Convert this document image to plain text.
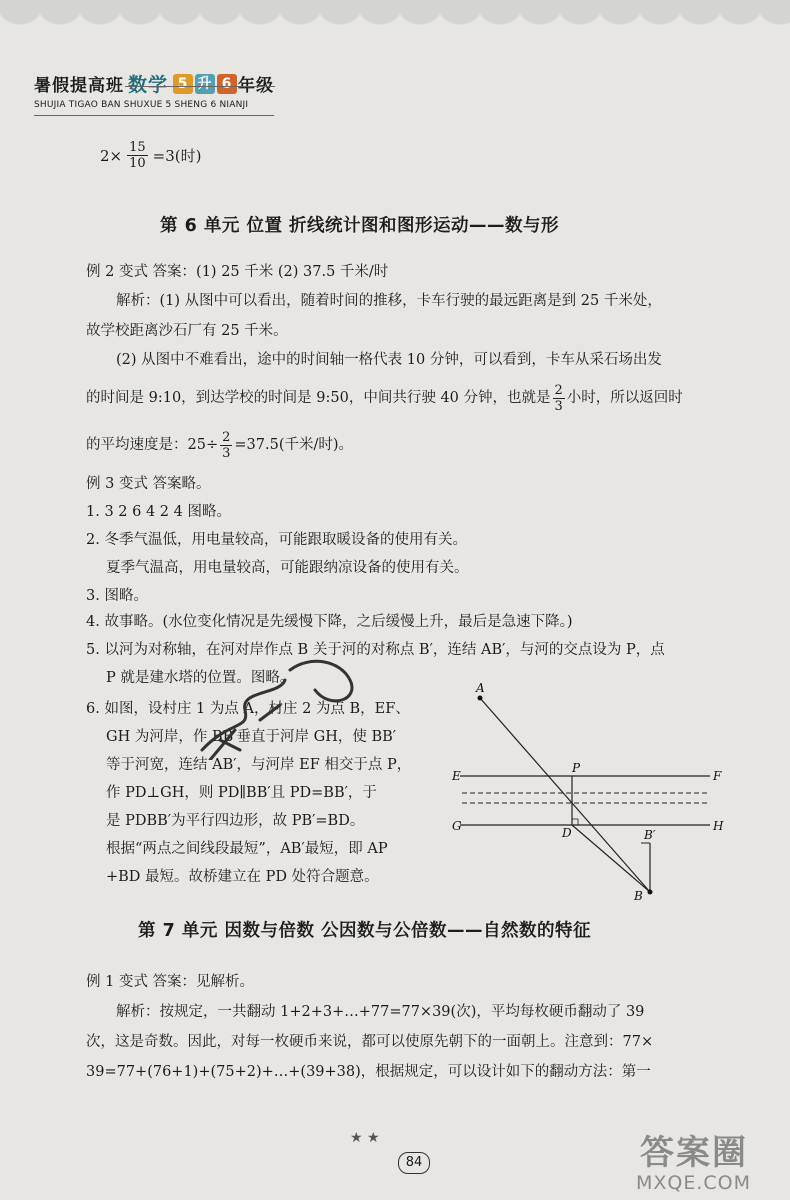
暑假提高班 数学 5 升 6 年级
SHUJIA TIGAO BAN SHUXUE 5 SHENG 6 NIANJI
$2\times \frac{15}{10} =3$(时)
第 6 单元 位置 折线统计图和图形运动——数与形
例 2 变式 答案：(1) 25 千米 (2) 37.5 千米/时
解析：(1) 从图中可以看出，随着时间的推移，卡车行驶的最远距离是到 25 千米处，
故学校距离沙石厂有 25 千米。
(2) 从图中不难看出，途中的时间轴一格代表 10 分钟，可以看到，卡车从采石场出发
的时间是 9:10，到达学校的时间是 9:50，中间共行驶 40 分钟，也就是 $\frac{2}{3}$ 小时，所以返回时
的平均速度是：$25\div \frac{2}{3} =37.5$(千米/时)。
例 3 变式 答案略。
1. 3 2 6 4 2 4 图略。
2. 冬季气温低，用电量较高，可能跟取暖设备的使用有关。
夏季气温高，用电量较高，可能跟纳凉设备的使用有关。
3. 图略。
4. 故事略。(水位变化情况是先缓慢下降，之后缓慢上升，最后是急速下降。)
5. 以河为对称轴，在河对岸作点 B 关于河的对称点 B′，连结 AB′，与河的交点设为 P，点
P 就是建水塔的位置。图略。
6. 如图，设村庄 1 为点 A，村庄 2 为点 B，EF、
GH 为河岸，作 BB′垂直于河岸 GH，使 BB′
等于河宽，连结 AB′，与河岸 EF 相交于点 P，
作 PD⊥GH，则 PD∥BB′且 PD=BB′，于
是 PDBB′为平行四边形，故 PB′=BD。
根据“两点之间线段最短”，AB′最短，即 AP
+BD 最短。故桥建立在 PD 处符合题意。
A
E
P
F
G	D	B′
H
B
第 7 单元 因数与倍数 公因数与公倍数——自然数的特征
例 1 变式 答案：见解析。
解析：按规定，一共翻动 1+2+3+…+77=77×39(次)，平均每枚硬币翻动了 39
次，这是奇数。因此，对每一枚硬币来说，都可以使原先朝下的一面朝上。注意到：77×
39=77+(76+1)+(75+2)+…+(39+38)，根据规定，可以设计如下的翻动方法：第一
★ ★
84	答案圈
MXQE.COM
